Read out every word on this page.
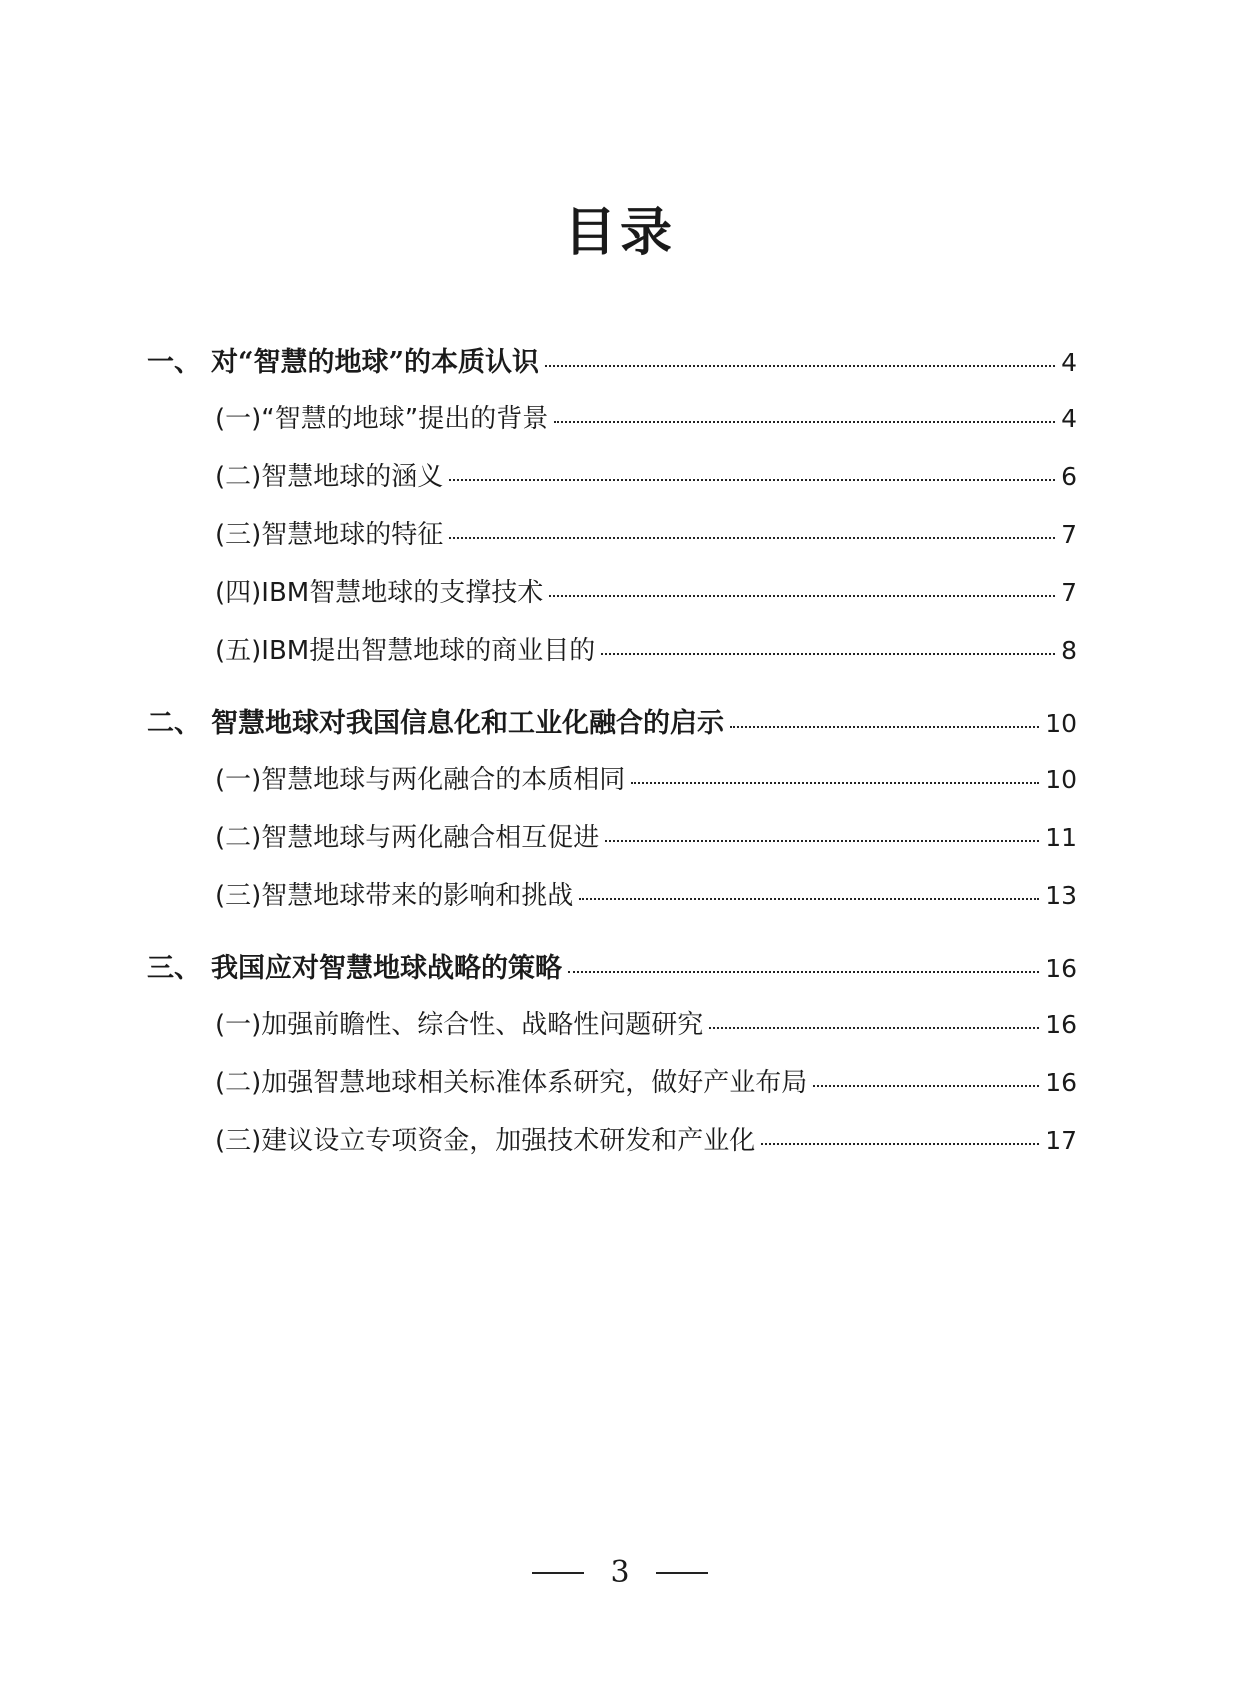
目录
一、 对“智慧的地球”的本质认识	4
(一)“智慧的地球”提出的背景	4
(二)智慧地球的涵义	6
(三)智慧地球的特征	7
(四)IBM智慧地球的支撑技术	7
(五)IBM提出智慧地球的商业目的	8
二、 智慧地球对我国信息化和工业化融合的启示	10
(一)智慧地球与两化融合的本质相同	10
(二)智慧地球与两化融合相互促进	11
(三)智慧地球带来的影响和挑战	13
三、 我国应对智慧地球战略的策略	16
(一)加强前瞻性、综合性、战略性问题研究	16
(二)加强智慧地球相关标准体系研究，做好产业布局	16
(三)建议设立专项资金，加强技术研发和产业化	17
3
